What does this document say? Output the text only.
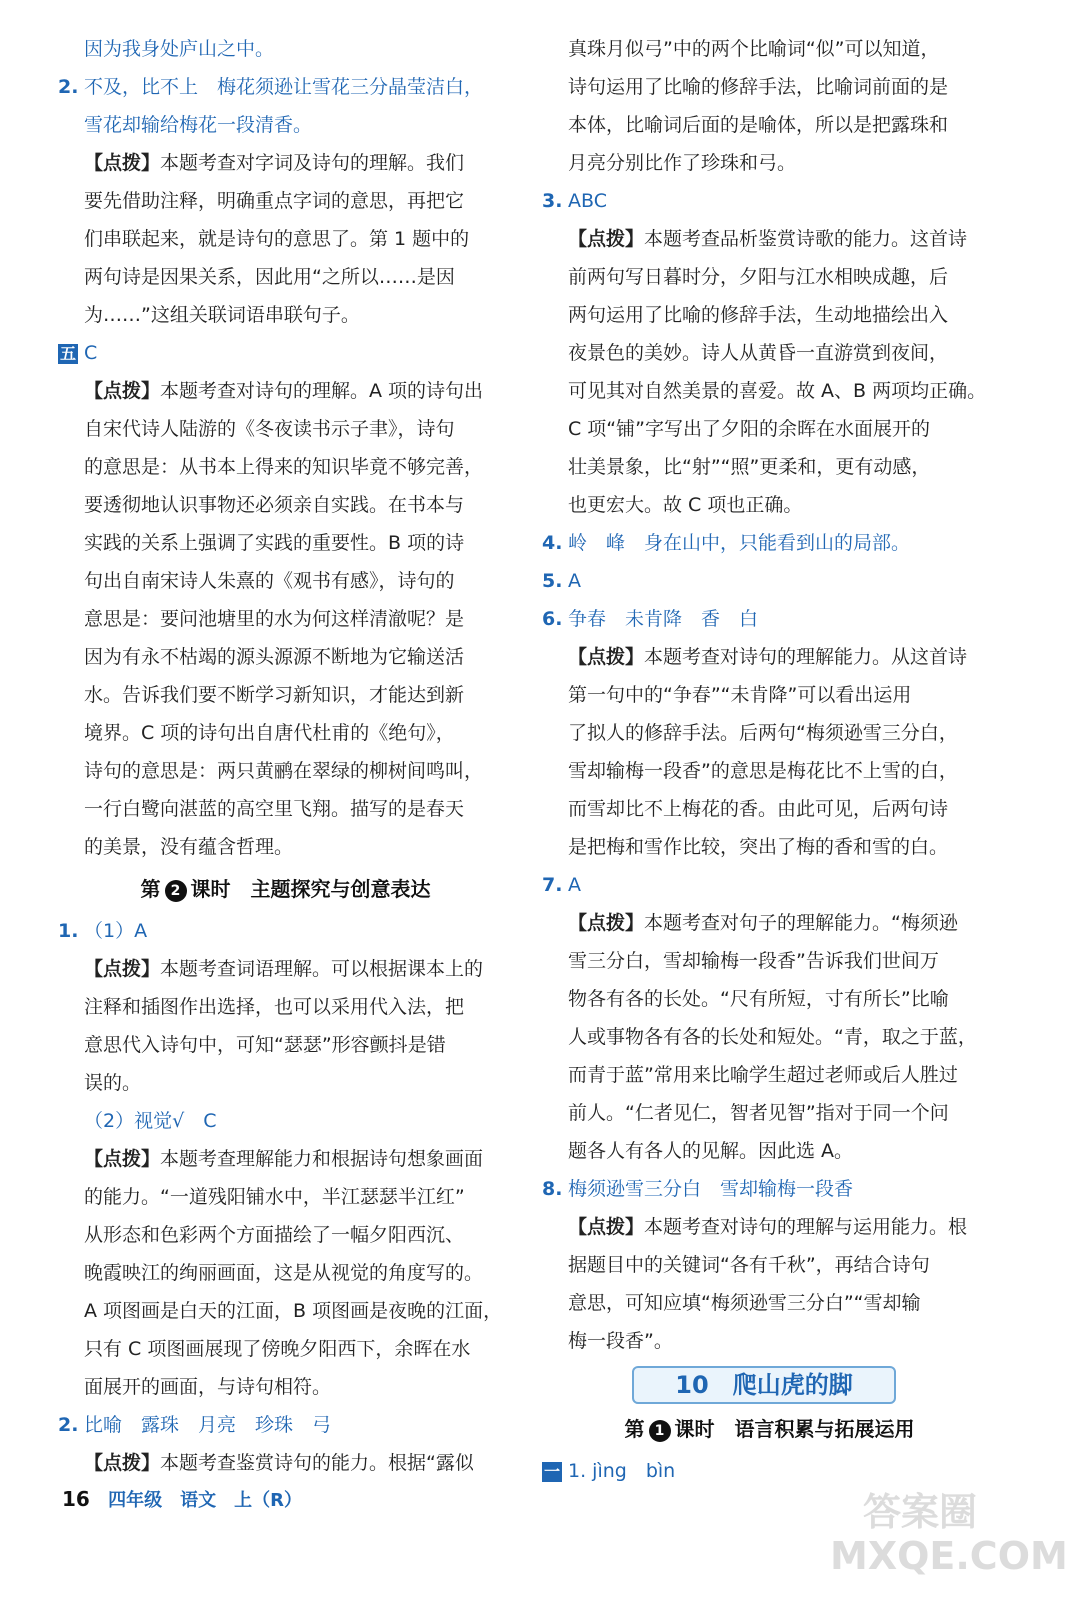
因为我身处庐山之中。
2. 不及，比不上　梅花须逊让雪花三分晶莹洁白，
雪花却输给梅花一段清香。
【点拨】本题考查对字词及诗句的理解。我们
要先借助注释，明确重点字词的意思，再把它
们串联起来，就是诗句的意思了。第 1 题中的
两句诗是因果关系，因此用“之所以……是因
为……”这组关联词语串联句子。
五 C
【点拨】本题考查对诗句的理解。A 项的诗句出
自宋代诗人陆游的《冬夜读书示子聿》，诗句
的意思是：从书本上得来的知识毕竟不够完善，
要透彻地认识事物还必须亲自实践。在书本与
实践的关系上强调了实践的重要性。B 项的诗
句出自南宋诗人朱熹的《观书有感》，诗句的
意思是：要问池塘里的水为何这样清澈呢？是
因为有永不枯竭的源头源源不断地为它输送活
水。告诉我们要不断学习新知识，才能达到新
境界。C 项的诗句出自唐代杜甫的《绝句》，
诗句的意思是：两只黄鹂在翠绿的柳树间鸣叫，
一行白鹭向湛蓝的高空里飞翔。描写的是春天
的美景，没有蕴含哲理。
第 2 课时　主题探究与创意表达
1. （1）A
【点拨】本题考查词语理解。可以根据课本上的
注释和插图作出选择，也可以采用代入法，把
意思代入诗句中，可知“瑟瑟”形容颤抖是错
误的。
（2）视觉√　C
【点拨】本题考查理解能力和根据诗句想象画面
的能力。“一道残阳铺水中，半江瑟瑟半江红”
从形态和色彩两个方面描绘了一幅夕阳西沉、
晚霞映江的绚丽画面，这是从视觉的角度写的。
A 项图画是白天的江面，B 项图画是夜晚的江面，
只有 C 项图画展现了傍晚夕阳西下，余晖在水
面展开的画面，与诗句相符。
2. 比喻　露珠　月亮　珍珠　弓
【点拨】本题考查鉴赏诗句的能力。根据“露似
真珠月似弓”中的两个比喻词“似”可以知道，
诗句运用了比喻的修辞手法，比喻词前面的是
本体，比喻词后面的是喻体，所以是把露珠和
月亮分别比作了珍珠和弓。
3. ABC
【点拨】本题考查品析鉴赏诗歌的能力。这首诗
前两句写日暮时分，夕阳与江水相映成趣，后
两句运用了比喻的修辞手法，生动地描绘出入
夜景色的美妙。诗人从黄昏一直游赏到夜间，
可见其对自然美景的喜爱。故 A、B 两项均正确。
C 项“铺”字写出了夕阳的余晖在水面展开的
壮美景象，比“射”“照”更柔和，更有动感，
也更宏大。故 C 项也正确。
4. 岭　峰　身在山中，只能看到山的局部。
5. A
6. 争春　未肯降　香　白
【点拨】本题考查对诗句的理解能力。从这首诗
第一句中的“争春”“未肯降”可以看出运用
了拟人的修辞手法。后两句“梅须逊雪三分白，
雪却输梅一段香”的意思是梅花比不上雪的白，
而雪却比不上梅花的香。由此可见，后两句诗
是把梅和雪作比较，突出了梅的香和雪的白。
7. A
【点拨】本题考查对句子的理解能力。“梅须逊
雪三分白，雪却输梅一段香”告诉我们世间万
物各有各的长处。“尺有所短，寸有所长”比喻
人或事物各有各的长处和短处。“青，取之于蓝，
而青于蓝”常用来比喻学生超过老师或后人胜过
前人。“仁者见仁，智者见智”指对于同一个问
题各人有各人的见解。因此选 A。
8. 梅须逊雪三分白　雪却输梅一段香
【点拨】本题考查对诗句的理解与运用能力。根
据题目中的关键词“各有千秋”，再结合诗句
意思，可知应填“梅须逊雪三分白”“雪却输
梅一段香”。
10　爬山虎的脚
第 1 课时　语言积累与拓展运用
一 1. jìng　bìn
16 四年级　语文　上（R）	答案圈 MXQE.COM
